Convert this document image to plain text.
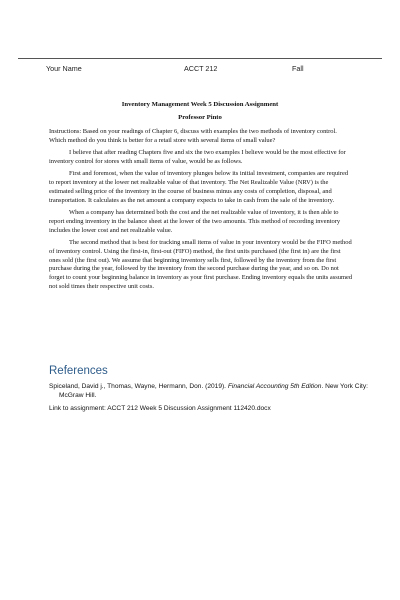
Your Name	ACCT 212	Fall
Inventory Management Week 5 Discussion Assignment
Professor Pinto

Instructions: Based on your readings of Chapter 6, discuss with examples the two methods of inventory control. Which method do you think is better for a retail store with several items of small value?

I believe that after reading Chapters five and six the two examples I believe would be the most effective for inventory control for stores with small items of value, would be as follows.

First and foremost, when the value of inventory plunges below its initial investment, companies are required to report inventory at the lower net realizable value of that inventory. The Net Realizable Value (NRV) is the estimated selling price of the inventory in the course of business minus any costs of completion, disposal, and transportation. It calculates as the net amount a company expects to take in cash from the sale of the inventory.

When a company has determined both the cost and the net realizable value of inventory, it is then able to report ending inventory in the balance sheet at the lower of the two amounts. This method of recording inventory includes the lower cost and net realizable value.

The second method that is best for tracking small items of value in your inventory would be the FIFO method of inventory control. Using the first-in, first-out (FIFO) method, the first units purchased (the first in) are the first ones sold (the first out). We assume that beginning inventory sells first, followed by the inventory from the first purchase during the year, followed by the inventory from the second purchase during the year, and so on. Do not forget to count your beginning balance in inventory as your first purchase. Ending inventory equals the units assumed not sold times their respective unit costs.

References
Spiceland, David j., Thomas, Wayne, Hermann, Don. (2019). Financial Accounting 5th Edition. New York City: McGraw Hill.
Link to assignment: ACCT 212 Week 5 Discussion Assignment 112420.docx
